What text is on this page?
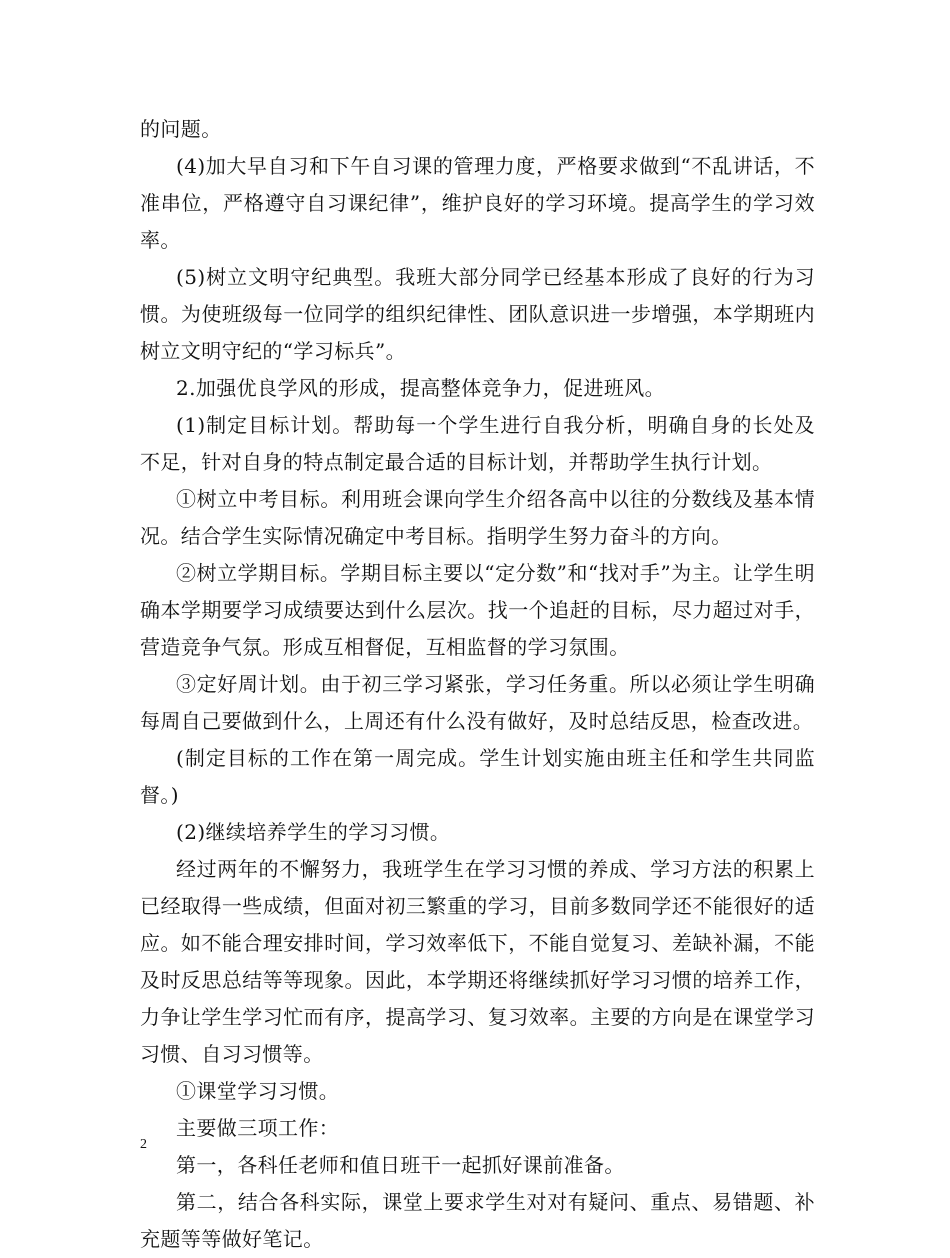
的问题。

(4)加大早自习和下午自习课的管理力度，严格要求做到“不乱讲话，不准串位，严格遵守自习课纪律”，维护良好的学习环境。提高学生的学习效率。

(5)树立文明守纪典型。我班大部分同学已经基本形成了良好的行为习惯。为使班级每一位同学的组织纪律性、团队意识进一步增强，本学期班内树立文明守纪的“学习标兵”。

2.加强优良学风的形成，提高整体竞争力，促进班风。

(1)制定目标计划。帮助每一个学生进行自我分析，明确自身的长处及不足，针对自身的特点制定最合适的目标计划，并帮助学生执行计划。

①树立中考目标。利用班会课向学生介绍各高中以往的分数线及基本情况。结合学生实际情况确定中考目标。指明学生努力奋斗的方向。

②树立学期目标。学期目标主要以“定分数”和“找对手”为主。让学生明确本学期要学习成绩要达到什么层次。找一个追赶的目标，尽力超过对手，营造竞争气氛。形成互相督促，互相监督的学习氛围。

③定好周计划。由于初三学习紧张，学习任务重。所以必须让学生明确每周自己要做到什么，上周还有什么没有做好，及时总结反思，检查改进。

(制定目标的工作在第一周完成。学生计划实施由班主任和学生共同监督。)

(2)继续培养学生的学习习惯。

经过两年的不懈努力，我班学生在学习习惯的养成、学习方法的积累上已经取得一些成绩，但面对初三繁重的学习，目前多数同学还不能很好的适应。如不能合理安排时间，学习效率低下，不能自觉复习、差缺补漏，不能及时反思总结等等现象。因此，本学期还将继续抓好学习习惯的培养工作，力争让学生学习忙而有序，提高学习、复习效率。主要的方向是在课堂学习习惯、自习习惯等。

①课堂学习习惯。

主要做三项工作：

第一，各科任老师和值日班干一起抓好课前准备。

第二，结合各科实际，课堂上要求学生对对有疑问、重点、易错题、补充题等等做好笔记。

2
